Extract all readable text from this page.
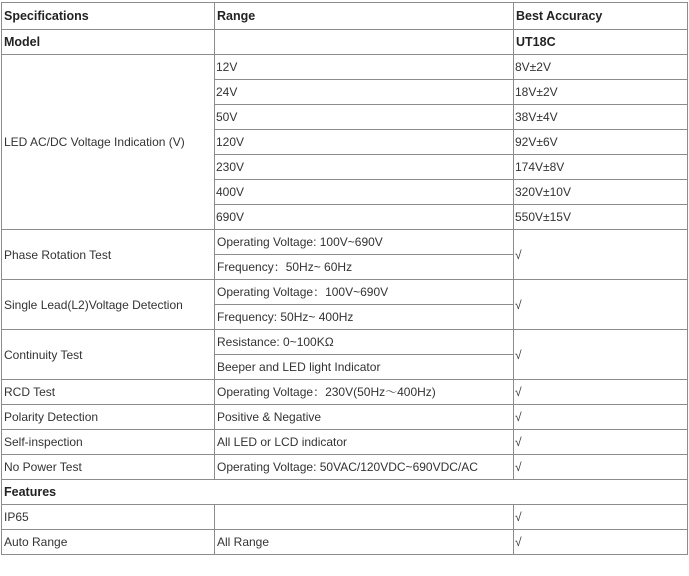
Specifications	Range	Best Accuracy
Model		UT18C
LED AC/DC Voltage Indication (V)	12V	8V±2V
	24V	18V±2V
	50V	38V±4V
	120V	92V±6V
	230V	174V±8V
	400V	320V±10V
	690V	550V±15V
Phase Rotation Test	Operating Voltage: 100V~690V	√
	Frequency：50Hz~ 60Hz	
Single Lead(L2)Voltage Detection	Operating Voltage：100V~690V	√
	Frequency: 50Hz~ 400Hz	
Continuity Test	Resistance: 0~100KΩ	√
	Beeper and LED light Indicator	
RCD Test	Operating Voltage：230V(50Hz～400Hz)	√
Polarity Detection	Positive & Negative	√
Self-inspection	All LED or LCD indicator	√
No Power Test	Operating Voltage: 50VAC/120VDC~690VDC/AC	√
Features		
IP65		√
Auto Range	All Range	√
